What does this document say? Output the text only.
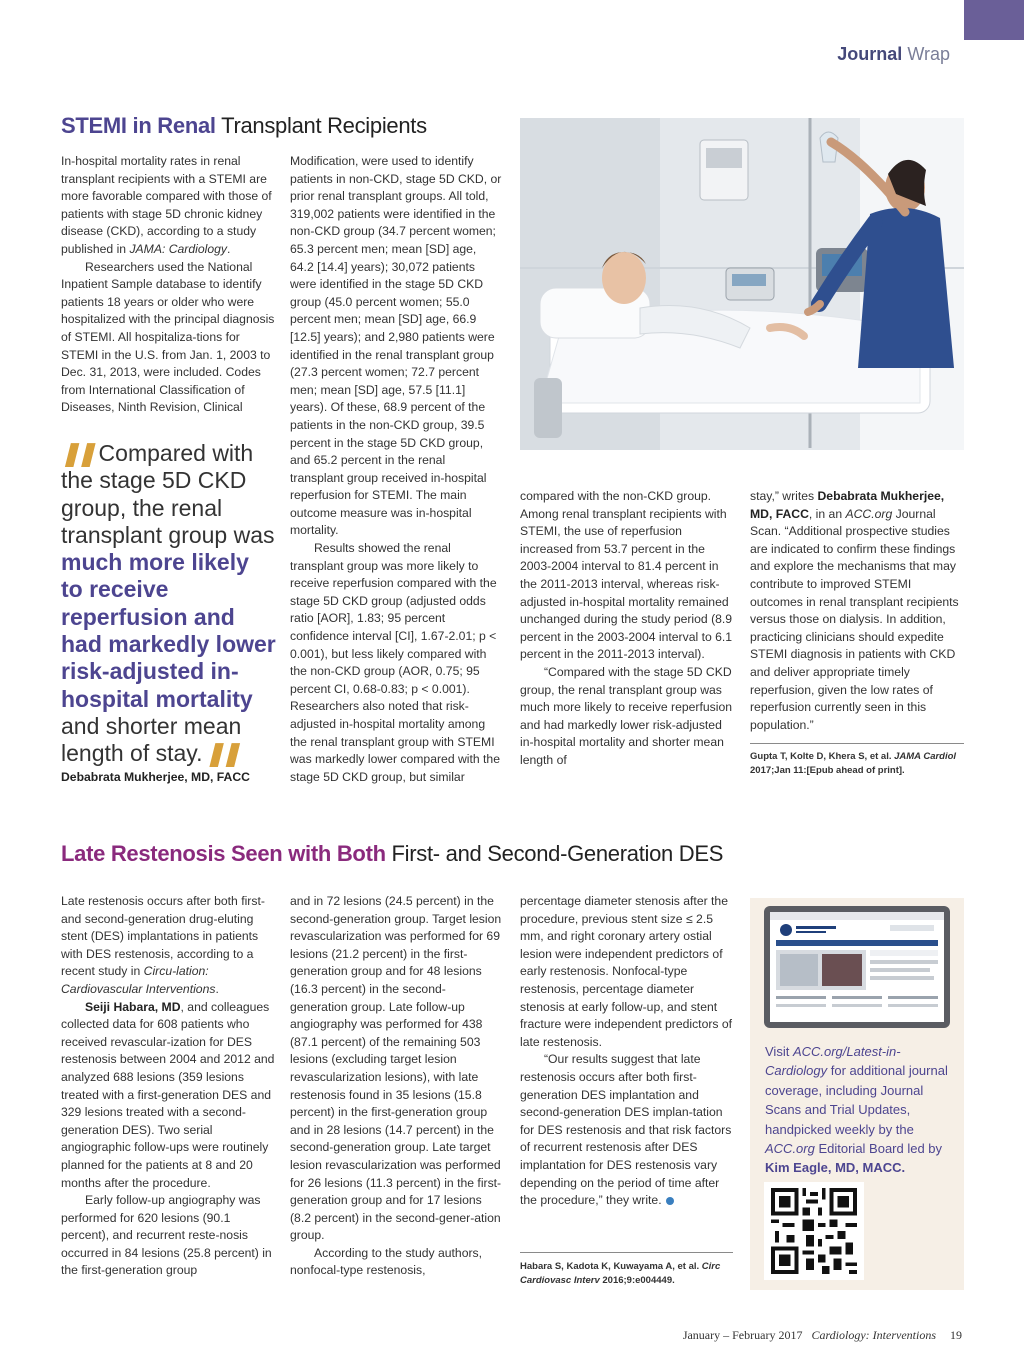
Journal Wrap
STEMI in Renal Transplant Recipients

In-hospital mortality rates in renal transplant recipients with a STEMI are more favorable compared with those of patients with stage 5D chronic kidney disease (CKD), according to a study published in JAMA: Cardiology.

Researchers used the National Inpatient Sample database to identify patients 18 years or older who were hospitalized with the principal diagnosis of STEMI. All hospitaliza-tions for STEMI in the U.S. from Jan. 1, 2003 to Dec. 31, 2013, were included. Codes from International Classification of Diseases, Ninth Revision, Clinical

❚❚ Compared with the stage 5D CKD group, the renal transplant group was much more likely to receive reperfusion and had markedly lower risk-adjusted in-hospital mortality and shorter mean length of stay. ❚❚
Debabrata Mukherjee, MD, FACC

Modification, were used to identify patients in non-CKD, stage 5D CKD, or prior renal transplant groups. All told, 319,002 patients were identified in the non-CKD group (34.7 percent women; 65.3 percent men; mean [SD] age, 64.2 [14.4] years); 30,072 patients were identified in the stage 5D CKD group (45.0 percent women; 55.0 percent men; mean [SD] age, 66.9 [12.5] years); and 2,980 patients were identified in the renal transplant group (27.3 percent women; 72.7 percent men; mean [SD] age, 57.5 [11.1] years). Of these, 68.9 percent of the patients in the non-CKD group, 39.5 percent in the stage 5D CKD group, and 65.2 percent in the renal transplant group received in-hospital reperfusion for STEMI. The main outcome measure was in-hospital mortality.

Results showed the renal transplant group was more likely to receive reperfusion compared with the stage 5D CKD group (adjusted odds ratio [AOR], 1.83; 95 percent confidence interval [CI], 1.67-2.01; p < 0.001), but less likely compared with the non-CKD group (AOR, 0.75; 95 percent CI, 0.68-0.83; p < 0.001). Researchers also noted that risk-adjusted in-hospital mortality among the renal transplant group with STEMI was markedly lower compared with the stage 5D CKD group, but similar

compared with the non-CKD group. Among renal transplant recipients with STEMI, the use of reperfusion increased from 53.7 percent in the 2003-2004 interval to 81.4 percent in the 2011-2013 interval, whereas risk-adjusted in-hospital mortality remained unchanged during the study period (8.9 percent in the 2003-2004 interval to 6.1 percent in the 2011-2013 interval).

“Compared with the stage 5D CKD group, the renal transplant group was much more likely to receive reperfusion and had markedly lower risk-adjusted in-hospital mortality and shorter mean length of

stay,” writes Debabrata Mukherjee, MD, FACC, in an ACC.org Journal Scan. “Additional prospective studies are indicated to confirm these findings and explore the mechanisms that may contribute to improved STEMI outcomes in renal transplant recipients versus those on dialysis. In addition, practicing clinicians should expedite STEMI diagnosis in patients with CKD and deliver appropriate timely reperfusion, given the low rates of reperfusion currently seen in this population.”

Gupta T, Kolte D, Khera S, et al. JAMA Cardiol 2017;Jan 11:[Epub ahead of print].
Late Restenosis Seen with Both First- and Second-Generation DES

Late restenosis occurs after both first- and second-generation drug-eluting stent (DES) implantations in patients with DES restenosis, according to a recent study in Circu-lation: Cardiovascular Interventions.

Seiji Habara, MD, and colleagues collected data for 608 patients who received revascular-ization for DES restenosis between 2004 and 2012 and analyzed 688 lesions (359 lesions treated with a first-generation DES and 329 lesions treated with a second-generation DES). Two serial angiographic follow-ups were routinely planned for the patients at 8 and 20 months after the procedure.

Early follow-up angiography was performed for 620 lesions (90.1 percent), and recurrent reste-nosis occurred in 84 lesions (25.8 percent) in the first-generation group

and in 72 lesions (24.5 percent) in the second-generation group. Target lesion revascularization was performed for 69 lesions (21.2 percent) in the first-generation group and for 48 lesions (16.3 percent) in the second-generation group. Late follow-up angiography was performed for 438 (87.1 percent) of the remaining 503 lesions (excluding target lesion revascularization lesions), with late restenosis found in 35 lesions (15.8 percent) in the first-generation group and in 28 lesions (14.7 percent) in the second-generation group. Late target lesion revascularization was performed for 26 lesions (11.3 percent) in the first-generation group and for 17 lesions (8.2 percent) in the second-gener-ation group.

According to the study authors, nonfocal-type restenosis,

percentage diameter stenosis after the procedure, previous stent size ≤ 2.5 mm, and right coronary artery ostial lesion were independent predictors of early restenosis. Nonfocal-type restenosis, percentage diameter stenosis at early follow-up, and stent fracture were independent predictors of late restenosis.

“Our results suggest that late restenosis occurs after both first-generation DES implantation and second-generation DES implan-tation for DES restenosis and that risk factors of recurrent restenosis after DES implantation for DES restenosis vary depending on the period of time after the procedure,” they write.

Habara S, Kadota K, Kuwayama A, et al. Circ Cardiovasc Interv 2016;9:e004449.
Visit ACC.org/Latest-in-Cardiology for additional journal coverage, including Journal Scans and Trial Updates, handpicked weekly by the ACC.org Editorial Board led by Kim Eagle, MD, MACC.
January – February 2017 Cardiology: Interventions 19
